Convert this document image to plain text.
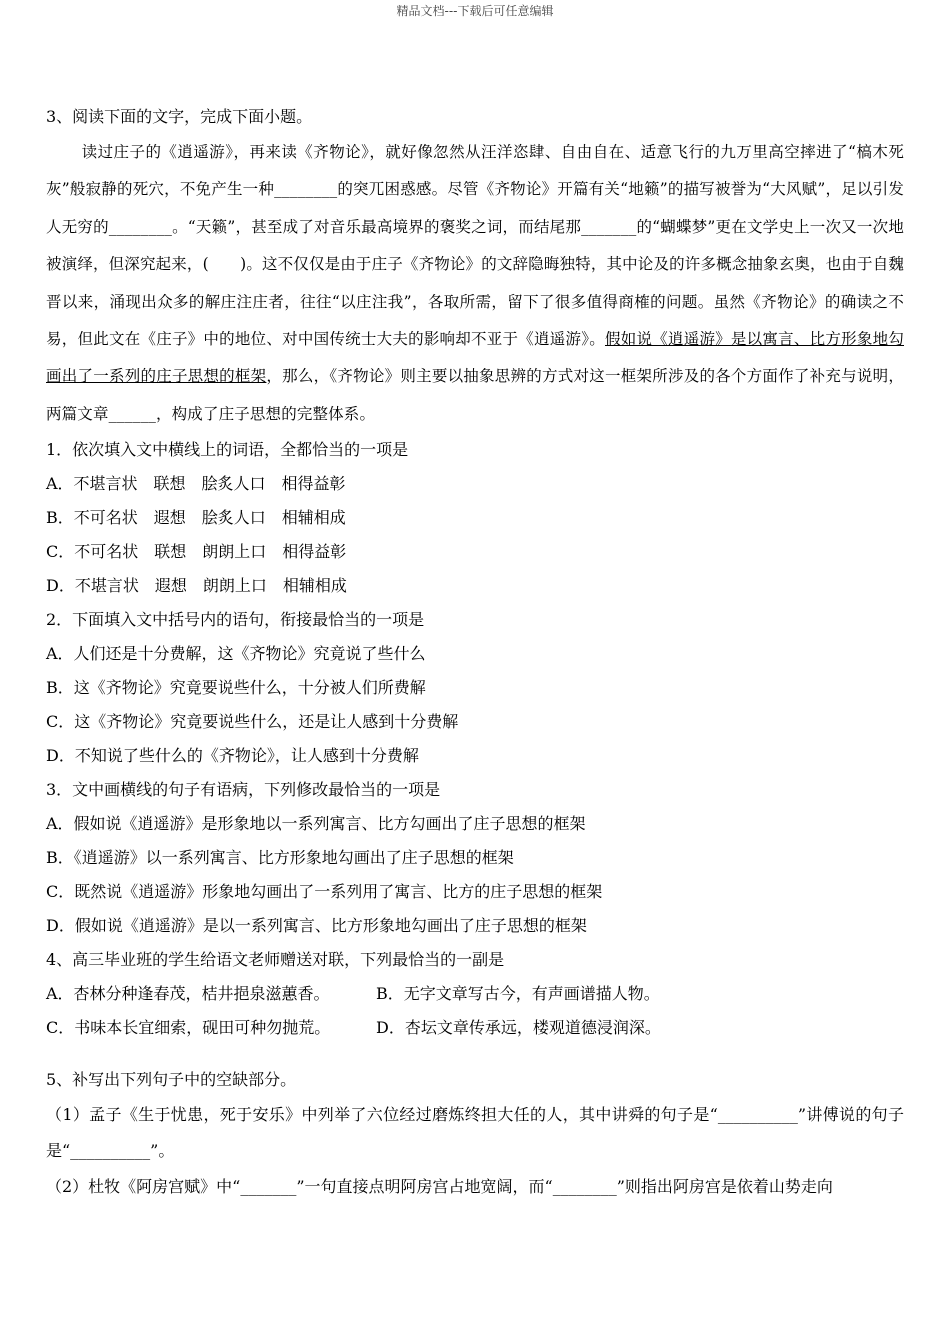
精品文档---下载后可任意编辑
3、阅读下面的文字，完成下面小题。
读过庄子的《逍遥游》，再来读《齐物论》，就好像忽然从汪洋恣肆、自由自在、适意飞行的九万里高空摔进了“槁木死灰”般寂静的死穴，不免产生一种________的突兀困惑感。尽管《齐物论》开篇有关“地籁”的描写被誉为“大风赋”，足以引发人无穷的________。“天籁”，甚至成了对音乐最高境界的褒奖之词，而结尾那_______的“蝴蝶梦”更在文学史上一次又一次地被演绎，但深究起来，(　　)。这不仅仅是由于庄子《齐物论》的文辞隐晦独特，其中论及的许多概念抽象玄奥，也由于自魏晋以来，涌现出众多的解庄注庄者，往往“以庄注我”，各取所需，留下了很多值得商榷的问题。虽然《齐物论》的确读之不易，但此文在《庄子》中的地位、对中国传统士大夫的影响却不亚于《逍遥游》。假如说《逍遥游》是以寓言、比方形象地勾画出了一系列的庄子思想的框架，那么，《齐物论》则主要以抽象思辨的方式对这一框架所涉及的各个方面作了补充与说明，两篇文章______，构成了庄子思想的完整体系。
1．依次填入文中横线上的词语，全都恰当的一项是
A．不堪言状　联想　脍炙人口　相得益彰
B．不可名状　遐想　脍炙人口　相辅相成
C．不可名状　联想　朗朗上口　相得益彰
D．不堪言状　遐想　朗朗上口　相辅相成
2．下面填入文中括号内的语句，衔接最恰当的一项是
A．人们还是十分费解，这《齐物论》究竟说了些什么
B．这《齐物论》究竟要说些什么，十分被人们所费解
C．这《齐物论》究竟要说些什么，还是让人感到十分费解
D．不知说了些什么的《齐物论》，让人感到十分费解
3．文中画横线的句子有语病，下列修改最恰当的一项是
A．假如说《逍遥游》是形象地以一系列寓言、比方勾画出了庄子思想的框架
B．《逍遥游》以一系列寓言、比方形象地勾画出了庄子思想的框架
C．既然说《逍遥游》形象地勾画出了一系列用了寓言、比方的庄子思想的框架
D．假如说《逍遥游》是以一系列寓言、比方形象地勾画出了庄子思想的框架
4、高三毕业班的学生给语文老师赠送对联，下列最恰当的一副是
A．杏林分种逢春茂，桔井挹泉滋蕙香。	B．无字文章写古今，有声画谱描人物。
C．书味本长宜细索，砚田可种勿抛荒。	D．杏坛文章传承远，楼观道德浸润深。
5、补写出下列句子中的空缺部分。
（1）孟子《生于忧患，死于安乐》中列举了六位经过磨炼终担大任的人，其中讲舜的句子是“__________”讲傅说的句子是“__________”。
（2）杜牧《阿房宫赋》中“_______”一句直接点明阿房宫占地宽阔，而“________”则指出阿房宫是依着山势走向
